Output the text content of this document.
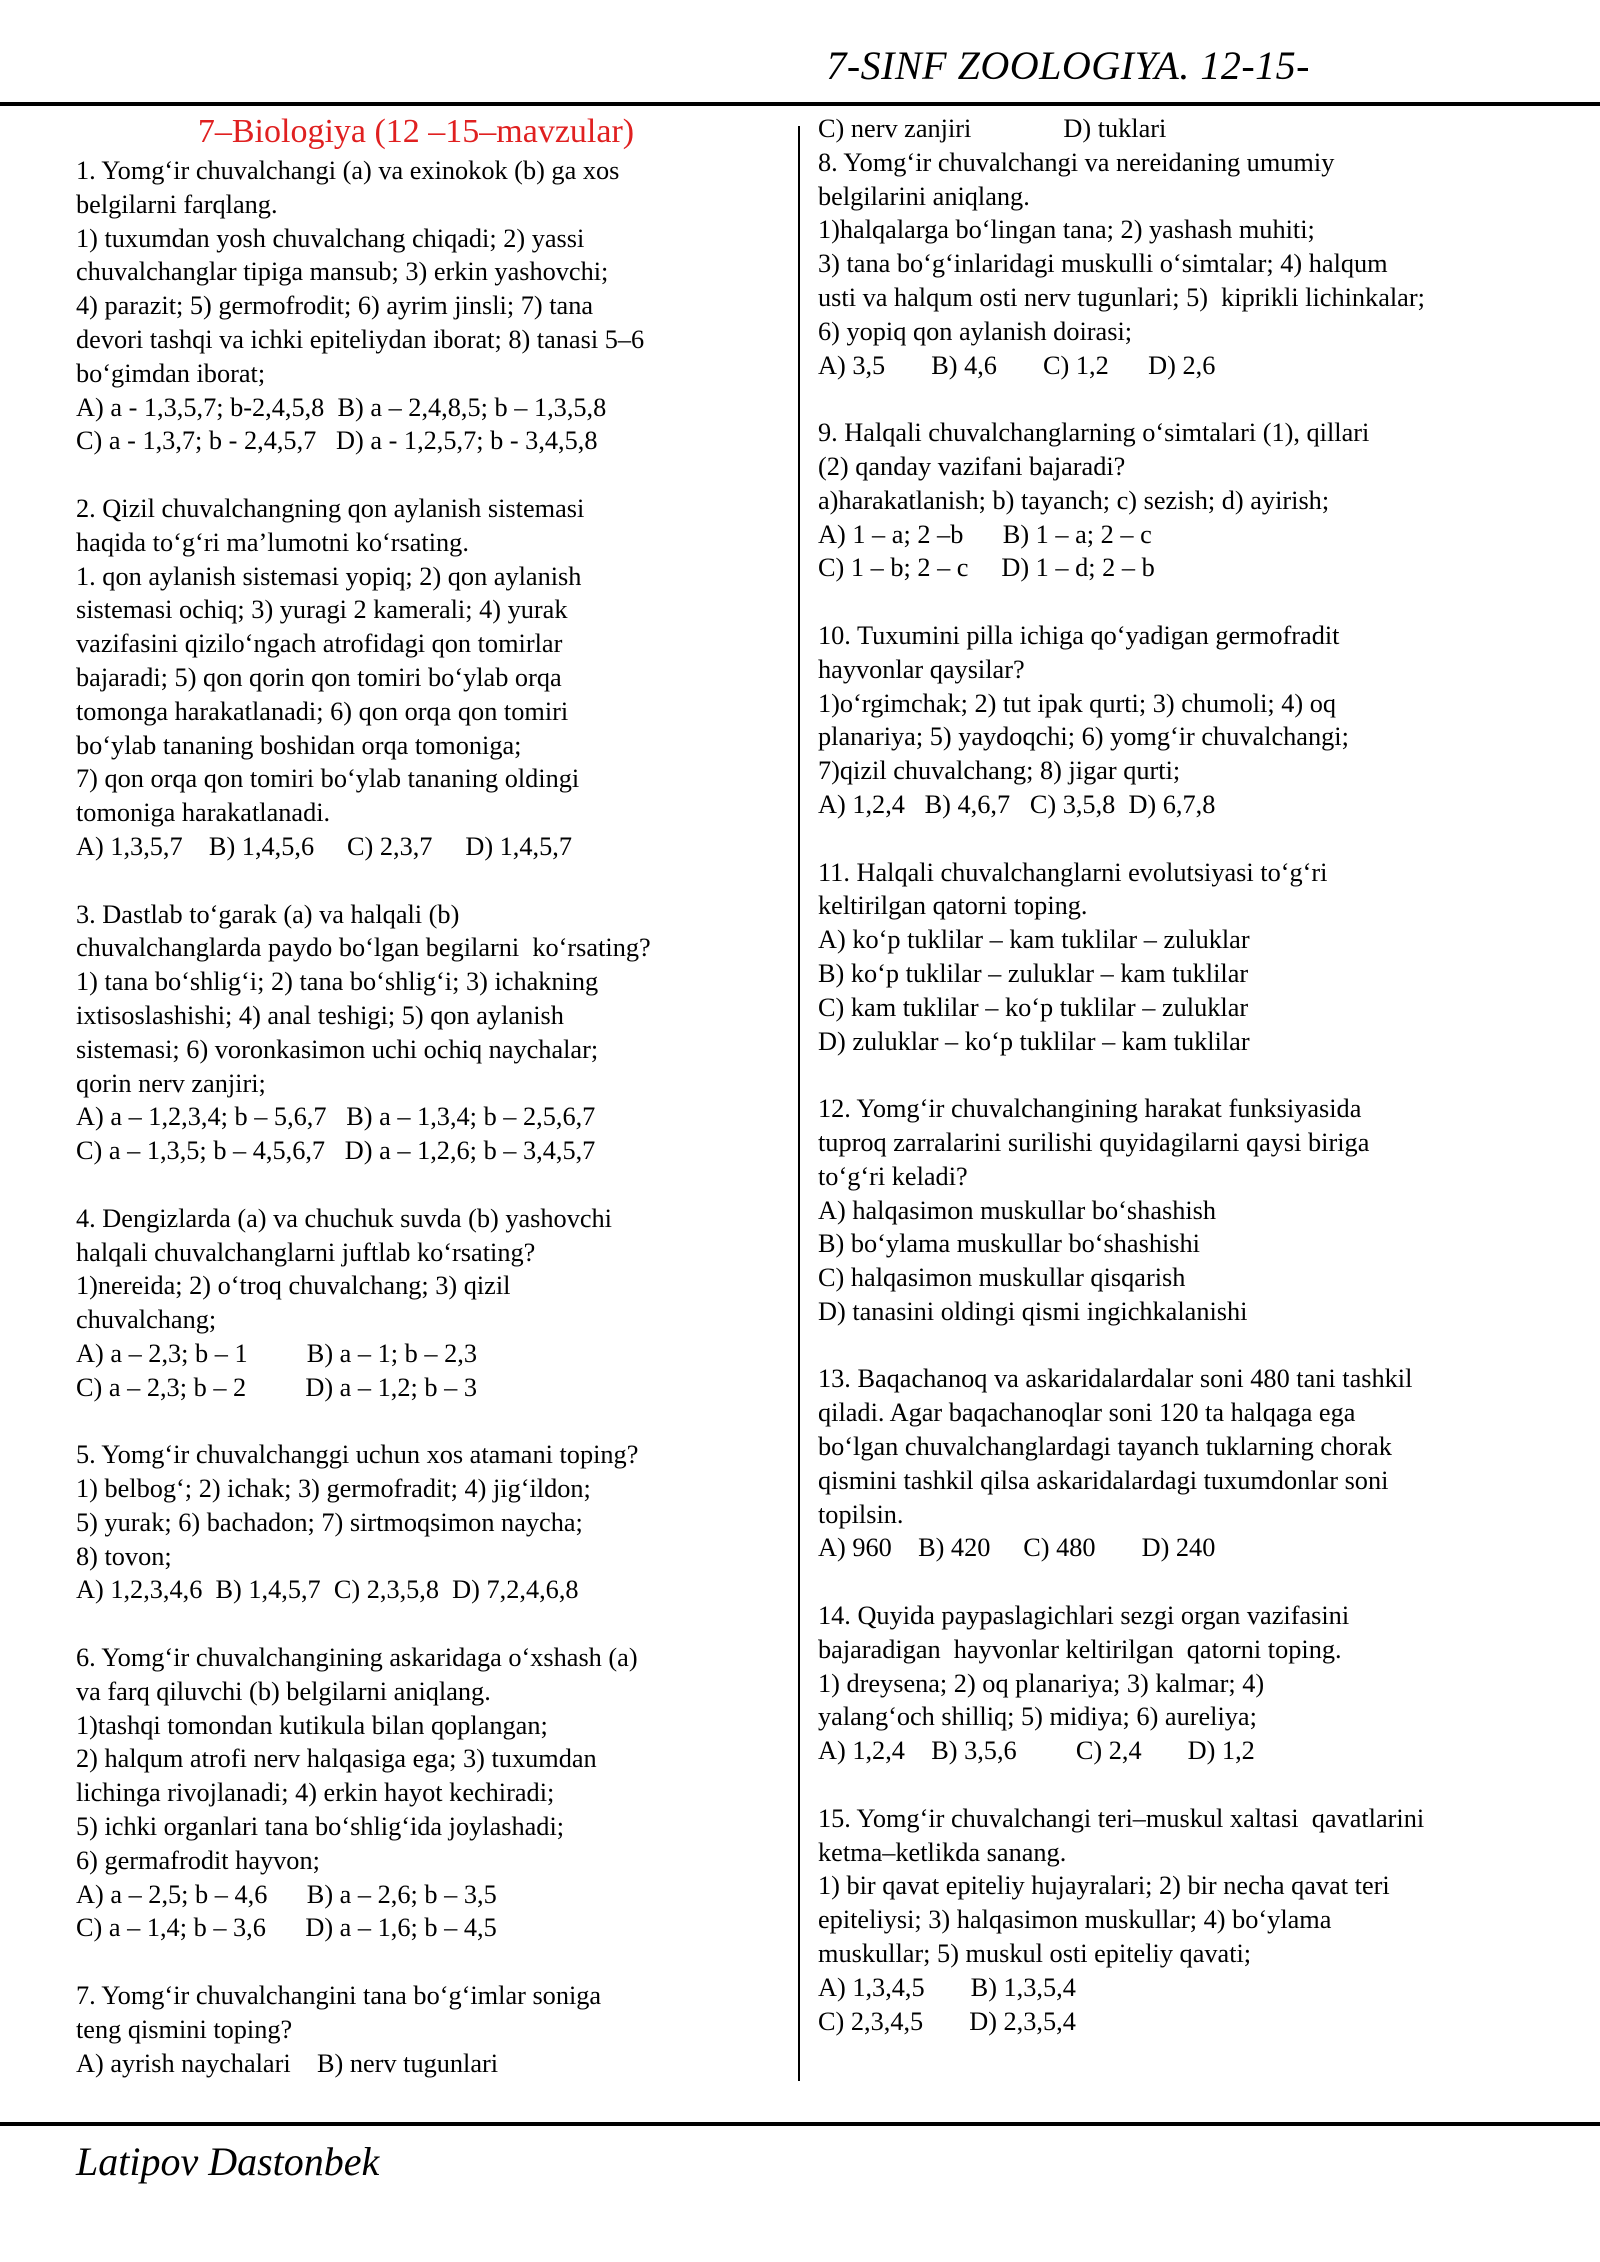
7-SINF ZOOLOGIYA. 12-15-
7–Biologiya (12 –15–mavzular)
1. Yomg‘ir chuvalchangi (a) va exinokok (b) ga xos
belgilarni farqlang.
1) tuxumdan yosh chuvalchang chiqadi; 2) yassi
chuvalchanglar tipiga mansub; 3) erkin yashovchi;
4) parazit; 5) germofrodit; 6) ayrim jinsli; 7) tana
devori tashqi va ichki epiteliydan iborat; 8) tanasi 5–6
bo‘gimdan iborat;
A) a - 1,3,5,7; b-2,4,5,8  B) a – 2,4,8,5; b – 1,3,5,8
C) a - 1,3,7; b - 2,4,5,7   D) a - 1,2,5,7; b - 3,4,5,8
2. Qizil chuvalchangning qon aylanish sistemasi
haqida to‘g‘ri ma’lumotni ko‘rsating.
1. qon aylanish sistemasi yopiq; 2) qon aylanish
sistemasi ochiq; 3) yuragi 2 kamerali; 4) yurak
vazifasini qizilo‘ngach atrofidagi qon tomirlar
bajaradi; 5) qon qorin qon tomiri bo‘ylab orqa
tomonga harakatlanadi; 6) qon orqa qon tomiri
bo‘ylab tananing boshidan orqa tomoniga;
7) qon orqa qon tomiri bo‘ylab tananing oldingi
tomoniga harakatlanadi.
A) 1,3,5,7    B) 1,4,5,6     C) 2,3,7     D) 1,4,5,7
3. Dastlab to‘garak (a) va halqali (b)
chuvalchanglarda paydo bo‘lgan begilarni  ko‘rsating?
1) tana bo‘shlig‘i; 2) tana bo‘shlig‘i; 3) ichakning
ixtisoslashishi; 4) anal teshigi; 5) qon aylanish
sistemasi; 6) voronkasimon uchi ochiq naychalar;
qorin nerv zanjiri;
A) a – 1,2,3,4; b – 5,6,7   B) a – 1,3,4; b – 2,5,6,7
C) a – 1,3,5; b – 4,5,6,7   D) a – 1,2,6; b – 3,4,5,7
4. Dengizlarda (a) va chuchuk suvda (b) yashovchi
halqali chuvalchanglarni juftlab ko‘rsating?
1)nereida; 2) o‘troq chuvalchang; 3) qizil
chuvalchang;
A) a – 2,3; b – 1         B) a – 1; b – 2,3
C) a – 2,3; b – 2         D) a – 1,2; b – 3
5. Yomg‘ir chuvalchanggi uchun xos atamani toping?
1) belbog‘; 2) ichak; 3) germofradit; 4) jig‘ildon;
5) yurak; 6) bachadon; 7) sirtmoqsimon naycha;
8) tovon;
A) 1,2,3,4,6  B) 1,4,5,7  C) 2,3,5,8  D) 7,2,4,6,8
6. Yomg‘ir chuvalchangining askaridaga o‘xshash (a)
va farq qiluvchi (b) belgilarni aniqlang.
1)tashqi tomondan kutikula bilan qoplangan;
2) halqum atrofi nerv halqasiga ega; 3) tuxumdan
lichinga rivojlanadi; 4) erkin hayot kechiradi;
5) ichki organlari tana bo‘shlig‘ida joylashadi;
6) germafrodit hayvon;
A) a – 2,5; b – 4,6      B) a – 2,6; b – 3,5
C) a – 1,4; b – 3,6      D) a – 1,6; b – 4,5
7. Yomg‘ir chuvalchangini tana bo‘g‘imlar soniga
teng qismini toping?
A) ayrish naychalari    B) nerv tugunlari
C) nerv zanjiri              D) tuklari
8. Yomg‘ir chuvalchangi va nereidaning umumiy
belgilarini aniqlang.
1)halqalarga bo‘lingan tana; 2) yashash muhiti;
3) tana bo‘g‘inlaridagi muskulli o‘simtalar; 4) halqum
usti va halqum osti nerv tugunlari; 5)  kiprikli lichinkalar;
6) yopiq qon aylanish doirasi;
A) 3,5       B) 4,6       C) 1,2      D) 2,6
9. Halqali chuvalchanglarning o‘simtalari (1), qillari
(2) qanday vazifani bajaradi?
a)harakatlanish; b) tayanch; c) sezish; d) ayirish;
A) 1 – a; 2 –b      B) 1 – a; 2 – c
C) 1 – b; 2 – c     D) 1 – d; 2 – b
10. Tuxumini pilla ichiga qo‘yadigan germofradit
hayvonlar qaysilar?
1)o‘rgimchak; 2) tut ipak qurti; 3) chumoli; 4) oq
planariya; 5) yaydoqchi; 6) yomg‘ir chuvalchangi;
7)qizil chuvalchang; 8) jigar qurti;
A) 1,2,4   B) 4,6,7   C) 3,5,8  D) 6,7,8
11. Halqali chuvalchanglarni evolutsiyasi to‘g‘ri
keltirilgan qatorni toping.
A) ko‘p tuklilar – kam tuklilar – zuluklar
B) ko‘p tuklilar – zuluklar – kam tuklilar
C) kam tuklilar – ko‘p tuklilar – zuluklar
D) zuluklar – ko‘p tuklilar – kam tuklilar
12. Yomg‘ir chuvalchangining harakat funksiyasida
tuproq zarralarini surilishi quyidagilarni qaysi biriga
to‘g‘ri keladi?
A) halqasimon muskullar bo‘shashish
B) bo‘ylama muskullar bo‘shashishi
C) halqasimon muskullar qisqarish
D) tanasini oldingi qismi ingichkalanishi
13. Baqachanoq va askaridalardalar soni 480 tani tashkil
qiladi. Agar baqachanoqlar soni 120 ta halqaga ega
bo‘lgan chuvalchanglardagi tayanch tuklarning chorak
qismini tashkil qilsa askaridalardagi tuxumdonlar soni
topilsin.
A) 960    B) 420     C) 480       D) 240
14. Quyida paypaslagichlari sezgi organ vazifasini
bajaradigan  hayvonlar keltirilgan  qatorni toping.
1) dreysena; 2) oq planariya; 3) kalmar; 4)
yalang‘och shilliq; 5) midiya; 6) aureliya;
A) 1,2,4    B) 3,5,6         C) 2,4       D) 1,2
15. Yomg‘ir chuvalchangi teri–muskul xaltasi  qavatlarini
ketma–ketlikda sanang.
1) bir qavat epiteliy hujayralari; 2) bir necha qavat teri
epiteliysi; 3) halqasimon muskullar; 4) bo‘ylama
muskullar; 5) muskul osti epiteliy qavati;
A) 1,3,4,5       B) 1,3,5,4
C) 2,3,4,5       D) 2,3,5,4
Latipov Dastonbek
